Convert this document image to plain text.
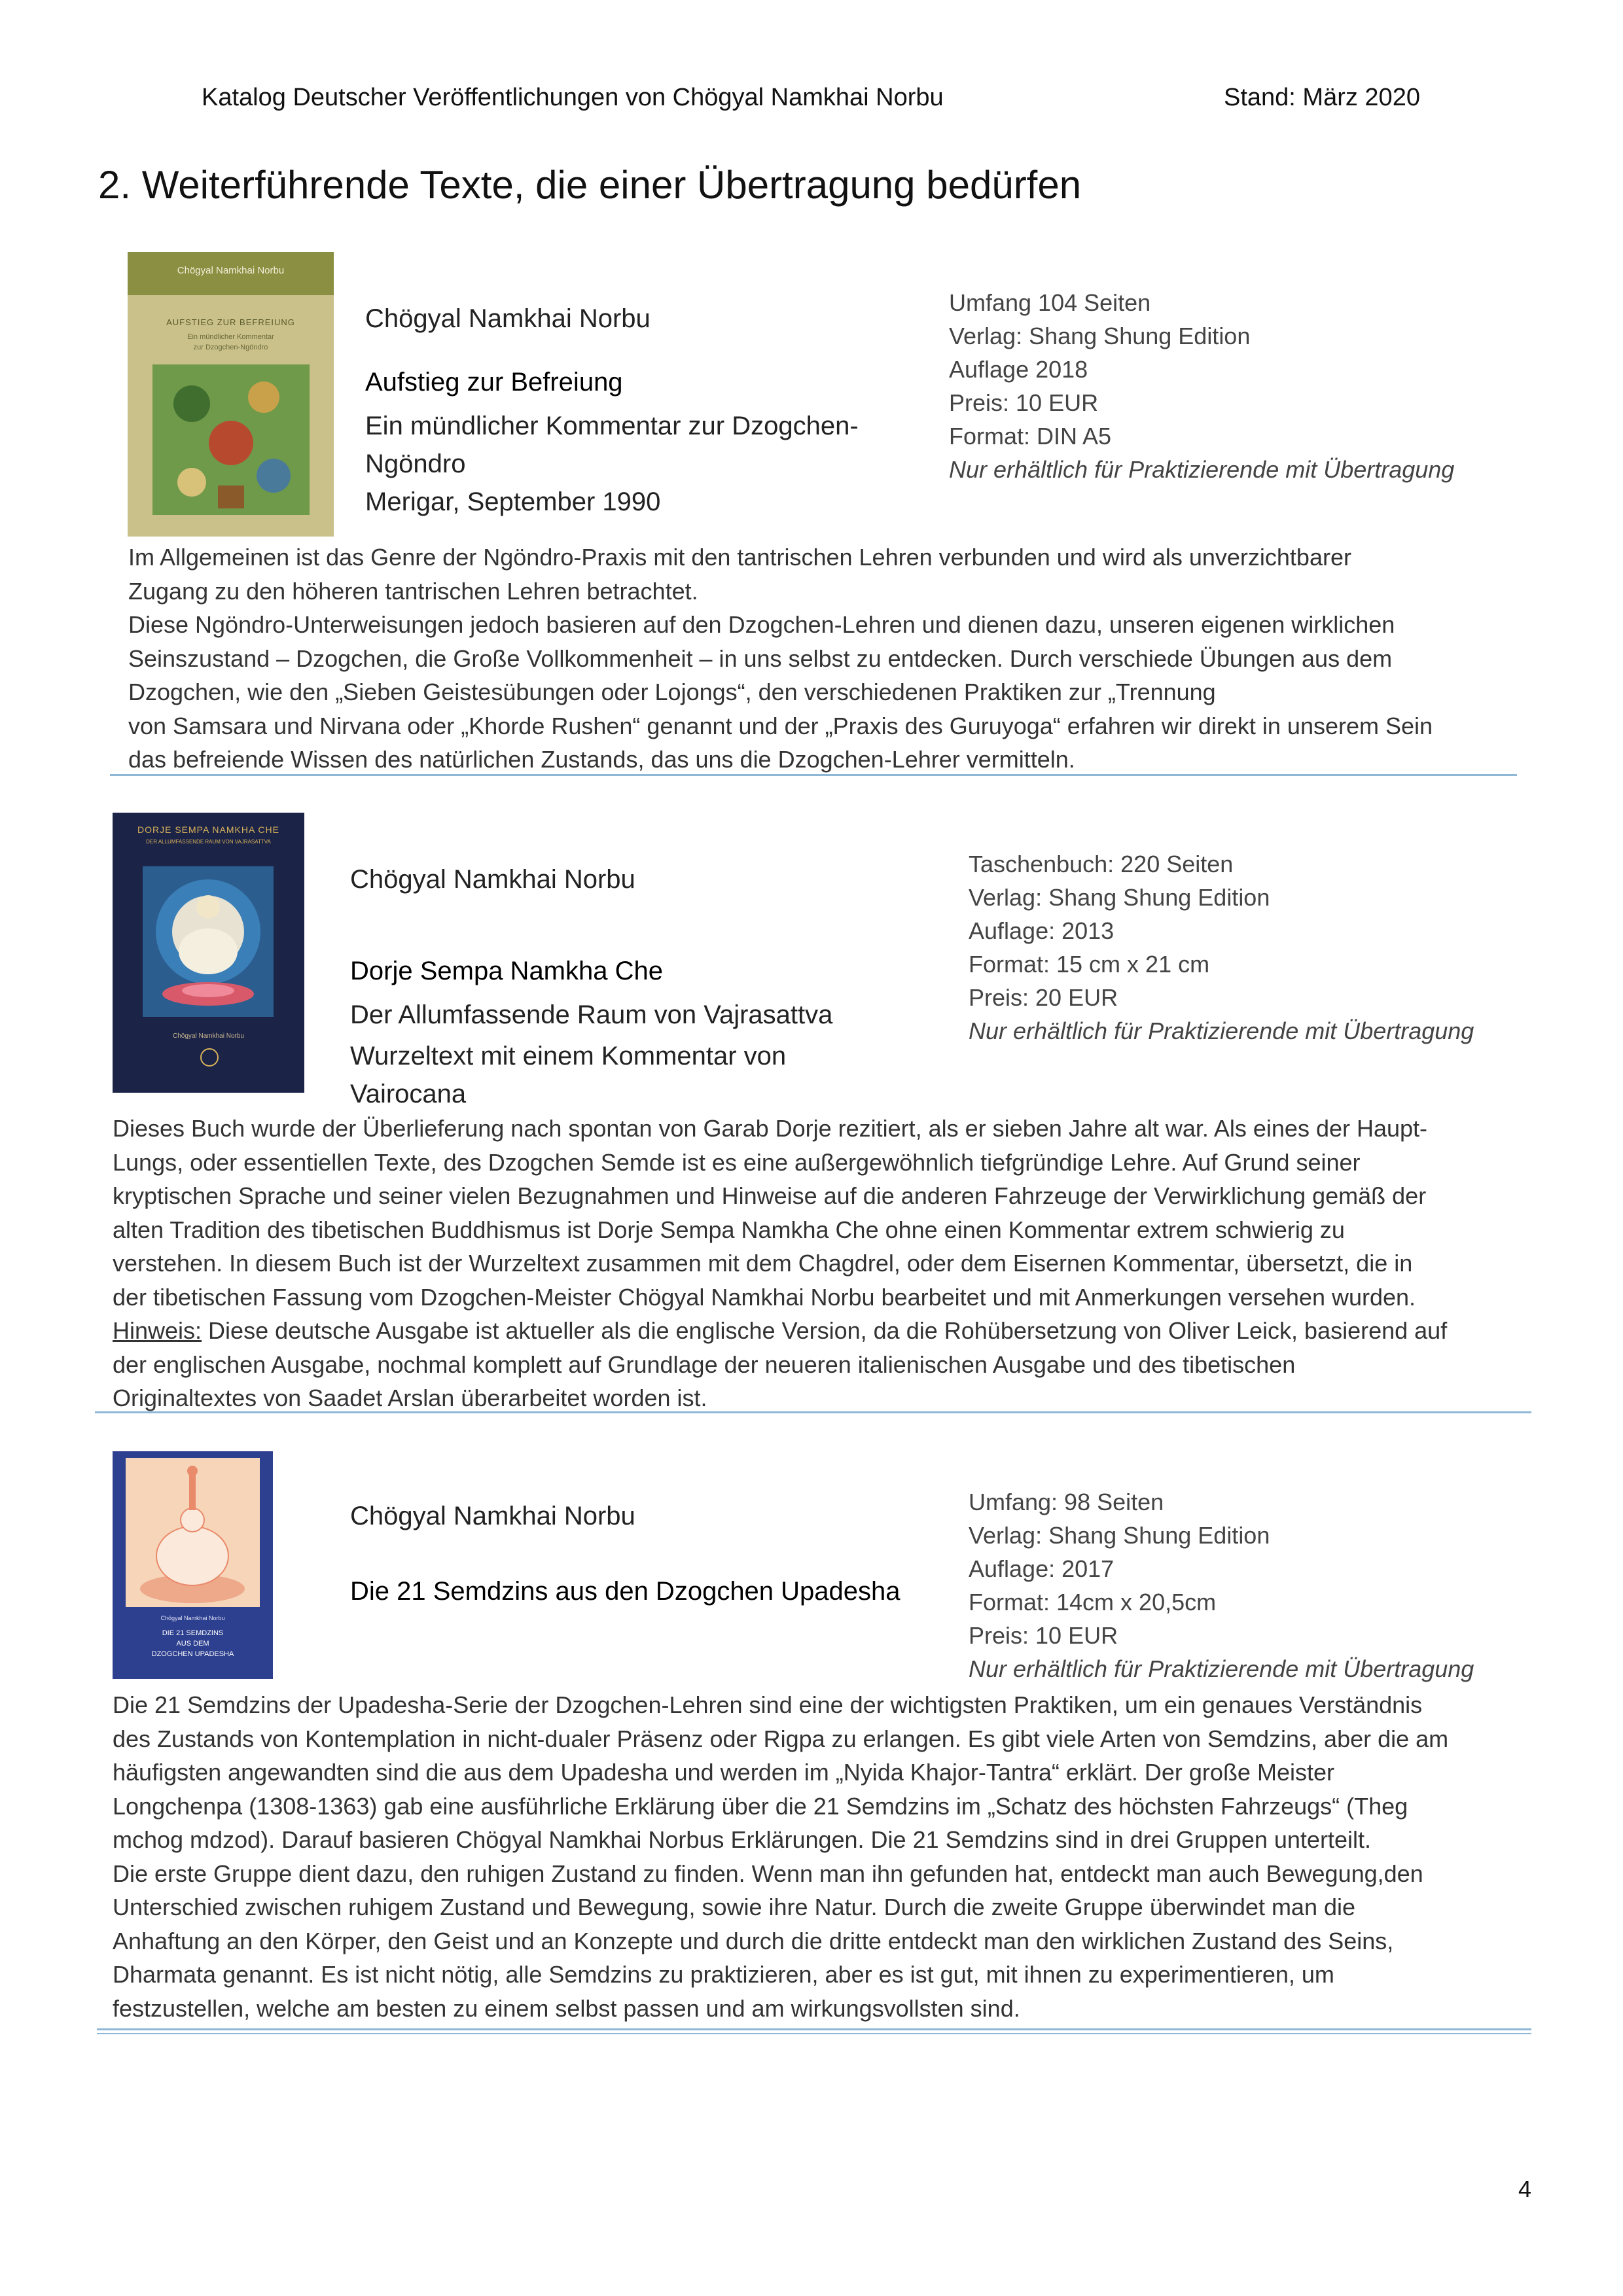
Katalog Deutscher Veröffentlichungen von Chögyal Namkhai Norbu	Stand: März 2020
2. Weiterführende Texte, die einer Übertragung bedürfen
Chögyal Namkhai Norbu
AUFSTIEG ZUR BEFREIUNG
Ein mündlicher Kommentar
zur Dzogchen-Ngöndro
Chögyal Namkhai Norbu
Aufstieg zur Befreiung
Ein mündlicher Kommentar zur Dzogchen-
Ngöndro
Merigar, September 1990
Umfang 104 Seiten
Verlag: Shang Shung Edition
Auflage 2018
Preis: 10 EUR
Format: DIN A5
Nur erhältlich für Praktizierende mit Übertragung
Im Allgemeinen ist das Genre der Ngöndro-Praxis mit den tantrischen Lehren verbunden und wird als unverzichtbarer
Zugang zu den höheren tantrischen Lehren betrachtet.
Diese Ngöndro-Unterweisungen jedoch basieren auf den Dzogchen-Lehren und dienen dazu, unseren eigenen wirklichen
Seinszustand – Dzogchen, die Große Vollkommenheit – in uns selbst zu entdecken. Durch verschiede Übungen aus dem
Dzogchen, wie den „Sieben Geistesübungen oder Lojongs“, den verschiedenen Praktiken zur „Trennung
von Samsara und Nirvana oder „Khorde Rushen“ genannt und der „Praxis des Guruyoga“ erfahren wir direkt in unserem Sein
das befreiende Wissen des natürlichen Zustands, das uns die Dzogchen-Lehrer vermitteln.
DORJE SEMPA NAMKHA CHE
DER ALLUMFASSENDE RAUM VON VAJRASATTVA
Chögyal Namkhai Norbu
Chögyal Namkhai Norbu
Dorje Sempa Namkha Che
Der Allumfassende Raum von Vajrasattva
Wurzeltext mit einem Kommentar von
Vairocana
Taschenbuch: 220 Seiten
Verlag: Shang Shung Edition
Auflage: 2013
Format: 15 cm x 21 cm
Preis: 20 EUR
Nur erhältlich für Praktizierende mit Übertragung
Dieses Buch wurde der Überlieferung nach spontan von Garab Dorje rezitiert, als er sieben Jahre alt war. Als eines der Haupt-
Lungs, oder essentiellen Texte, des Dzogchen Semde ist es eine außergewöhnlich tiefgründige Lehre. Auf Grund seiner
kryptischen Sprache und seiner vielen Bezugnahmen und Hinweise auf die anderen Fahrzeuge der Verwirklichung gemäß der
alten Tradition des tibetischen Buddhismus ist Dorje Sempa Namkha Che ohne einen Kommentar extrem schwierig zu
verstehen. In diesem Buch ist der Wurzeltext zusammen mit dem Chagdrel, oder dem Eisernen Kommentar, übersetzt, die in
der tibetischen Fassung vom Dzogchen-Meister Chögyal Namkhai Norbu bearbeitet und mit Anmerkungen versehen wurden.
Hinweis: Diese deutsche Ausgabe ist aktueller als die englische Version, da die Rohübersetzung von Oliver Leick, basierend auf
der englischen Ausgabe, nochmal komplett auf Grundlage der neueren italienischen Ausgabe und des tibetischen
Originaltextes von Saadet Arslan überarbeitet worden ist.
Chögyal Namkhai Norbu
DIE 21 SEMDZINS
AUS DEM
DZOGCHEN UPADESHA
Chögyal Namkhai Norbu
Die 21 Semdzins aus den Dzogchen Upadesha
Umfang: 98 Seiten
Verlag: Shang Shung Edition
Auflage: 2017
Format: 14cm x 20,5cm
Preis: 10 EUR
Nur erhältlich für Praktizierende mit Übertragung
Die 21 Semdzins der Upadesha-Serie der Dzogchen-Lehren sind eine der wichtigsten Praktiken, um ein genaues Verständnis
des Zustands von Kontemplation in nicht-dualer Präsenz oder Rigpa zu erlangen. Es gibt viele Arten von Semdzins, aber die am
häufigsten angewandten sind die aus dem Upadesha und werden im „Nyida Khajor-Tantra“ erklärt. Der große Meister
Longchenpa (1308-1363) gab eine ausführliche Erklärung über die 21 Semdzins im „Schatz des höchsten Fahrzeugs“ (Theg
mchog mdzod). Darauf basieren Chögyal Namkhai Norbus Erklärungen. Die 21 Semdzins sind in drei Gruppen unterteilt.
Die erste Gruppe dient dazu, den ruhigen Zustand zu finden. Wenn man ihn gefunden hat, entdeckt man auch Bewegung,den
Unterschied zwischen ruhigem Zustand und Bewegung, sowie ihre Natur. Durch die zweite Gruppe überwindet man die
Anhaftung an den Körper, den Geist und an Konzepte und durch die dritte entdeckt man den wirklichen Zustand des Seins,
Dharmata genannt. Es ist nicht nötig, alle Semdzins zu praktizieren, aber es ist gut, mit ihnen zu experimentieren, um
festzustellen, welche am besten zu einem selbst passen und am wirkungsvollsten sind.
4
